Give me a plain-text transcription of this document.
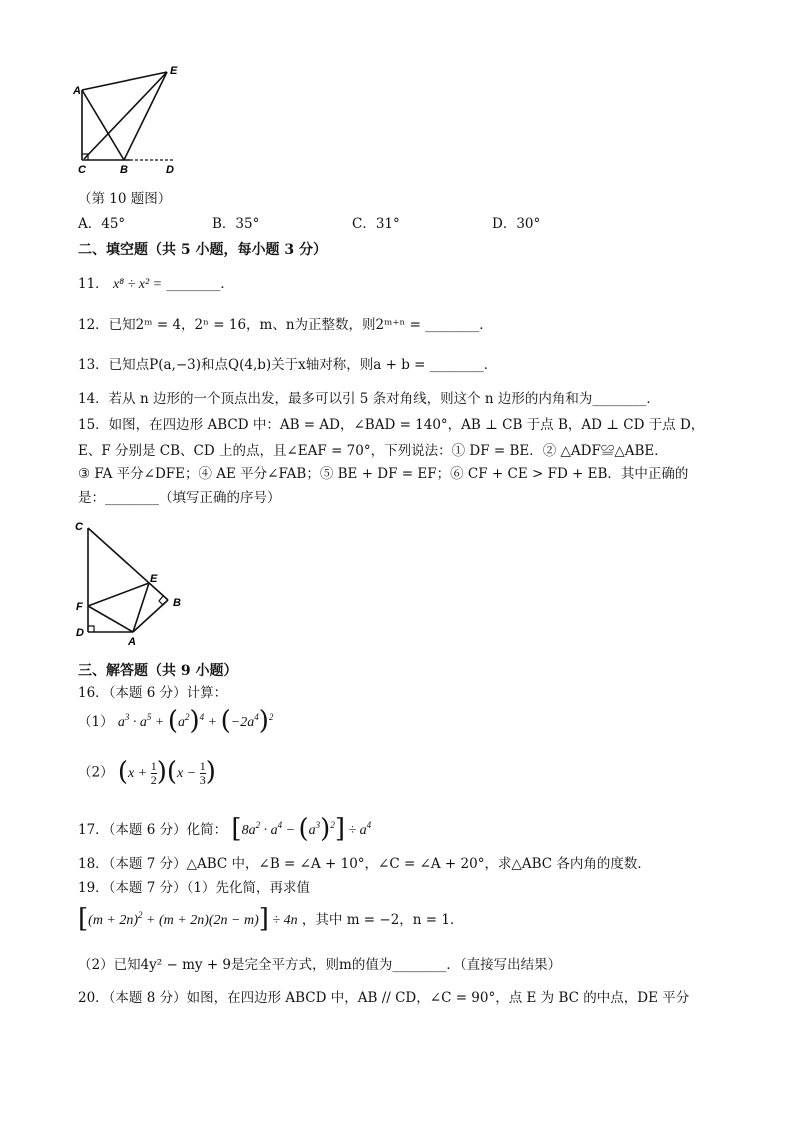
A
E
C	B	D
（第 10 题图）
A．45°	B．35°	C．31°	D．30°
二、填空题（共 5 小题，每小题 3 分）
11． x⁸ ÷ x² = ________．
12．已知2ᵐ = 4，2ⁿ = 16，m、n为正整数，则2ᵐ⁺ⁿ = ________．
13．已知点P(a,−3)和点Q(4,b)关于x轴对称，则a + b = ________．
14．若从 n 边形的一个顶点出发，最多可以引 5 条对角线，则这个 n 边形的内角和为________．
15．如图，在四边形 ABCD 中：AB = AD，∠BAD = 140°，AB ⊥ CB 于点 B，AD ⊥ CD 于点 D，
E、F 分别是 CB、CD 上的点，且∠EAF = 70°，下列说法：① DF = BE．② △ADF≌△ABE．
③ FA 平分∠DFE；④ AE 平分∠FAB；⑤ BE + DF = EF；⑥ CF + CE > FD + EB．其中正确的
是：________（填写正确的序号）
C
E
B
F
D
A
三、解答题（共 9 小题）
16．（本题 6 分）计算：
（1） $a^3 \cdot a^5 + (a^2)^4 + (-2a^4)^2$
（2） $(x + \frac{1}{2} )(x - \frac{1}{3}$ )
17．（本题 6 分）化简： $[8a^2 \cdot a^4 - (a^3)^2] \div a^4$
18．（本题 7 分）△ABC 中，∠B = ∠A + 10°，∠C = ∠A + 20°，求△ABC 各内角的度数．
19．（本题 7 分）（1）先化简，再求值
$[(m + 2n)^2 + (m + 2n)(2n - m)] \div 4n$ ，其中 m = −2，n = 1．
（2）已知4y² − my + 9是完全平方式，则m的值为________．（直接写出结果）
20．（本题 8 分）如图，在四边形 ABCD 中，AB // CD，∠C = 90°，点 E 为 BC 的中点，DE 平分
